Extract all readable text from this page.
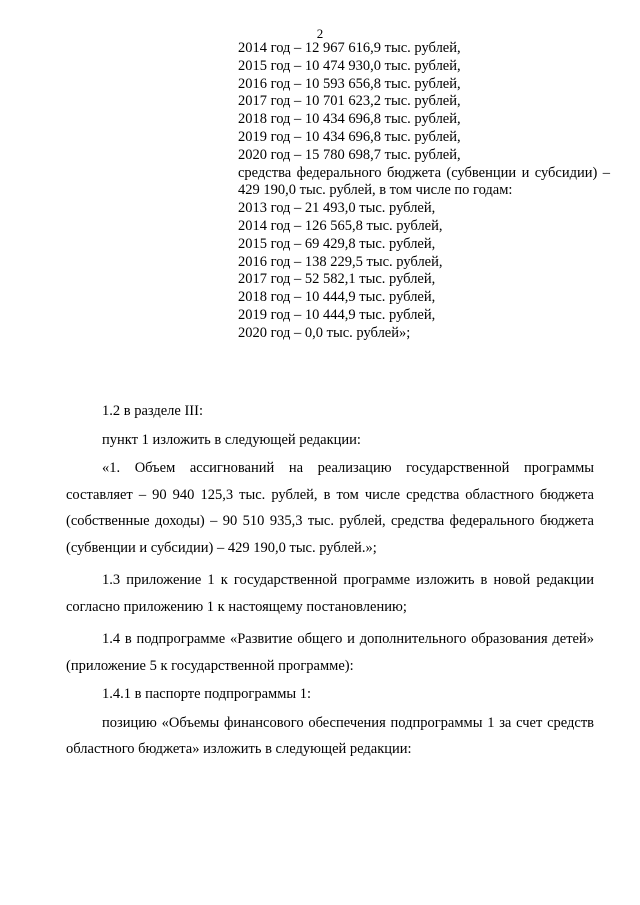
2
2014 год – 12 967 616,9 тыс. рублей,
2015 год – 10 474 930,0 тыс. рублей,
2016 год – 10 593 656,8 тыс. рублей,
2017 год – 10 701 623,2 тыс. рублей,
2018 год – 10 434 696,8 тыс. рублей,
2019 год – 10 434 696,8 тыс. рублей,
2020 год – 15 780 698,7 тыс. рублей,
средства федерального бюджета (субвенции и субсидии) – 429 190,0 тыс. рублей, в том числе по годам:
2013 год – 21 493,0 тыс. рублей,
2014 год – 126 565,8 тыс. рублей,
2015 год – 69 429,8 тыс. рублей,
2016 год – 138 229,5 тыс. рублей,
2017 год – 52 582,1 тыс. рублей,
2018 год – 10 444,9 тыс. рублей,
2019 год – 10 444,9 тыс. рублей,
2020 год – 0,0 тыс. рублей»;

1.2 в разделе III:

пункт 1 изложить в следующей редакции:

«1. Объем ассигнований на реализацию государственной программы составляет – 90 940 125,3 тыс. рублей, в том числе средства областного бюджета (собственные доходы) – 90 510 935,3 тыс. рублей, средства федерального бюджета (субвенции и субсидии) – 429 190,0 тыс. рублей.»;

1.3 приложение 1 к государственной программе изложить в новой редакции согласно приложению 1 к настоящему постановлению;

1.4 в подпрограмме «Развитие общего и дополнительного образования детей» (приложение 5 к государственной программе):

1.4.1 в паспорте подпрограммы 1:

позицию «Объемы финансового обеспечения подпрограммы 1 за счет средств областного бюджета» изложить в следующей редакции:
